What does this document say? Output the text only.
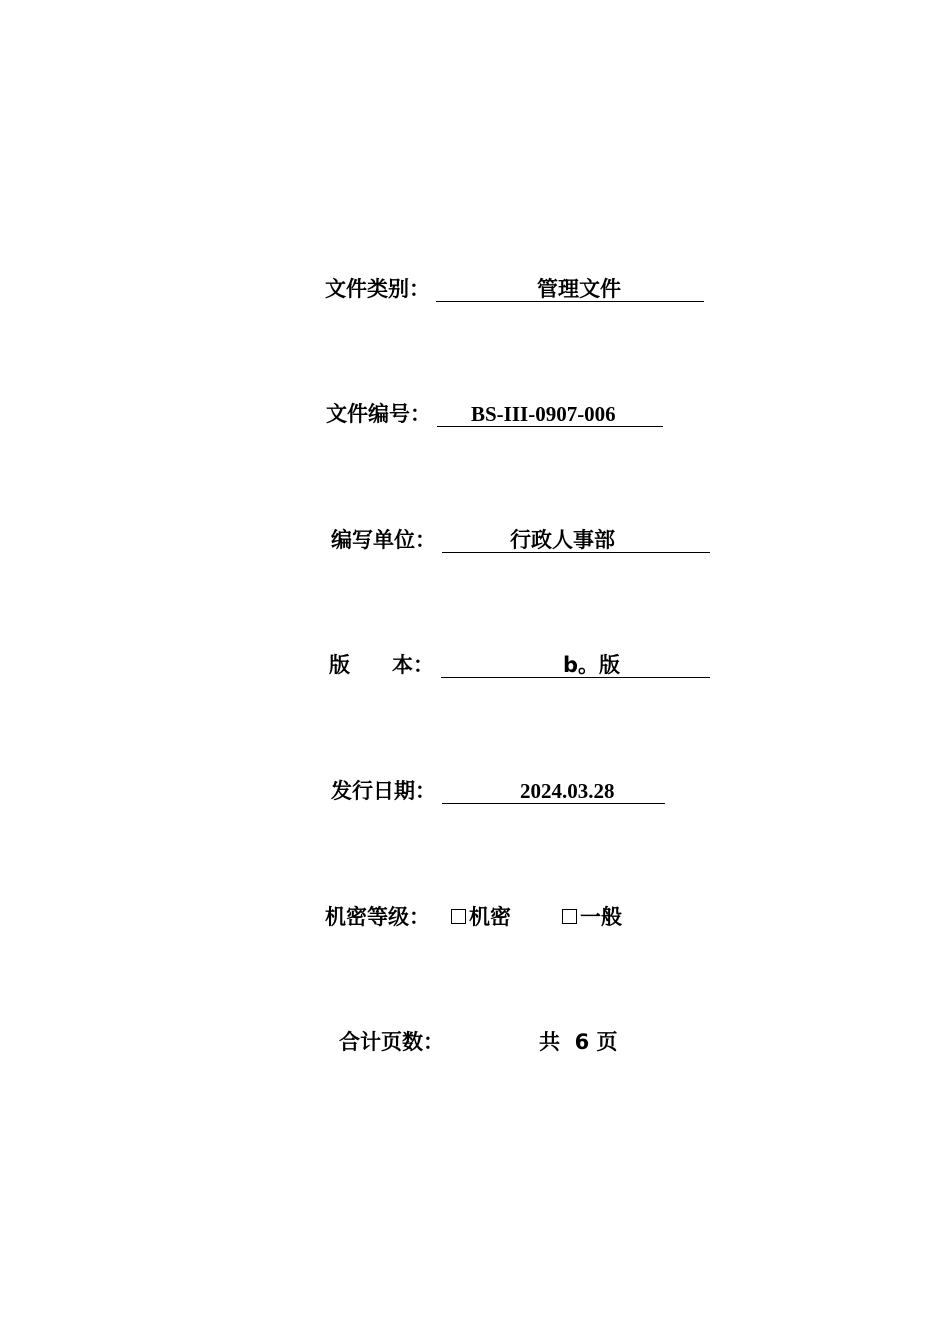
文件类别：	管理文件
文件编号： BS-III-0907-006
编写单位：	行政人事部
版　　本：	b。版
发行日期：	2024.03.28
机密等级： 机密	一般
合计页数：	共  6 页
